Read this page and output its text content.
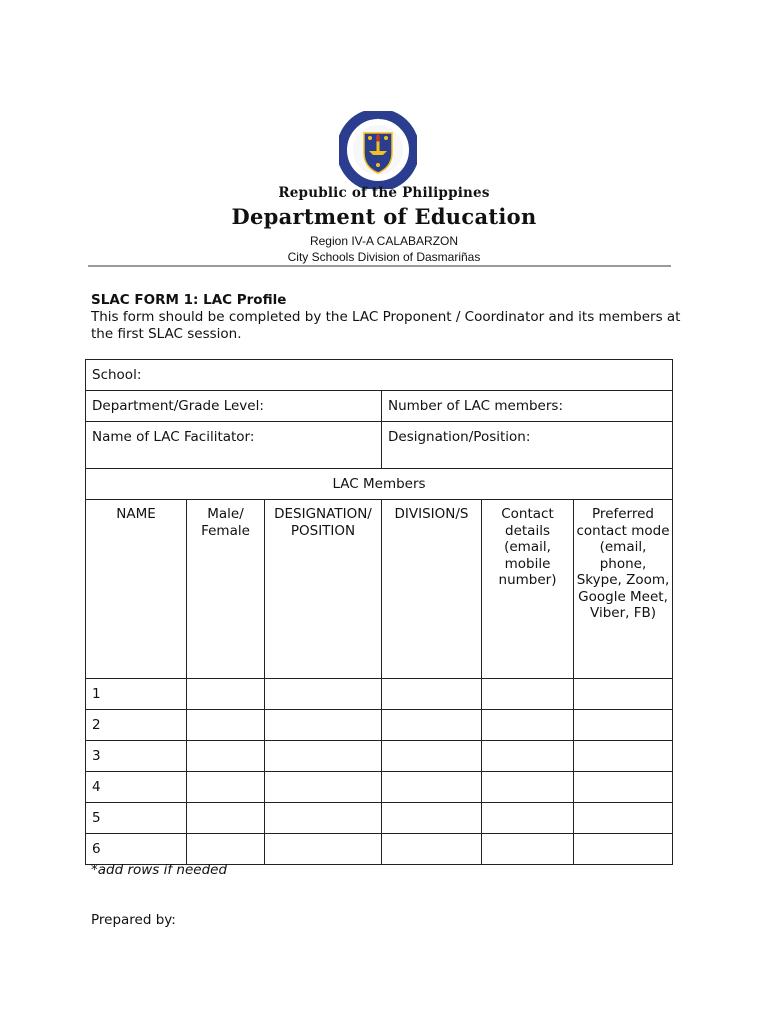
Republic of the Philippines
Department of Education
Region IV-A CALABARZON
City Schools Division of Dasmariñas
SLAC FORM 1: LAC Profile
This form should be completed by the LAC Proponent / Coordinator and its members at the first SLAC session.
School:					
Department/Grade Level:			Number of LAC members:		
Name of LAC Facilitator:			Designation/Position:		
LAC Members					
NAME	Male/ Female	DESIGNATION/ POSITION	DIVISION/S	Contact details (email, mobile number)	Preferred contact mode (email, phone, Skype, Zoom, Google Meet, Viber, FB)
1					
2					
3					
4					
5					
6					
*add rows if needed
Prepared by:
